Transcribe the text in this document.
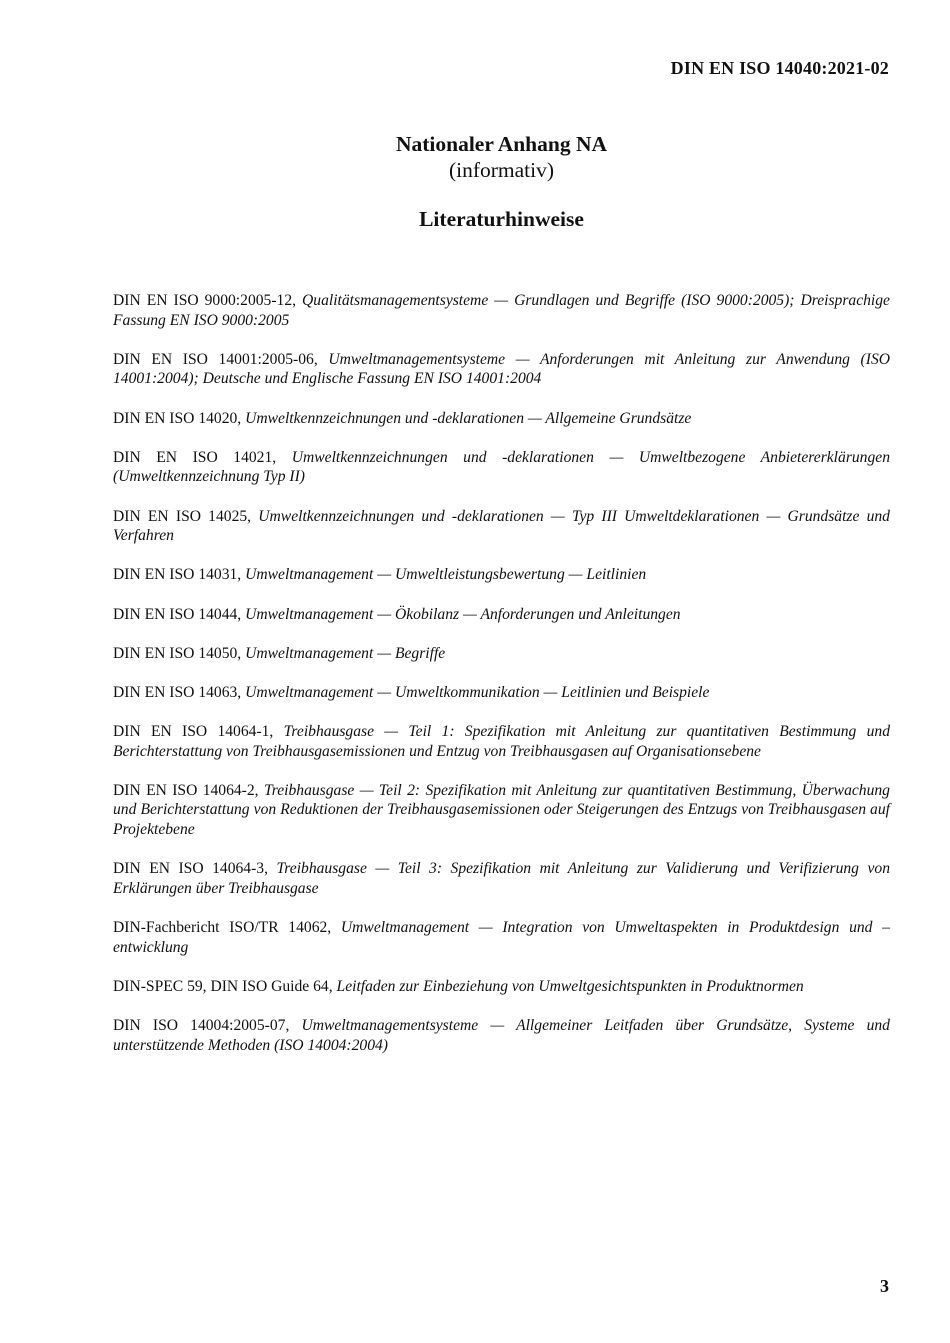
DIN EN ISO 14040:2021-02
Nationaler Anhang NA
(informativ)
Literaturhinweise

DIN EN ISO 9000:2005-12, Qualitätsmanagementsysteme — Grundlagen und Begriffe (ISO 9000:2005); Dreisprachige Fassung EN ISO 9000:2005

DIN EN ISO 14001:2005-06, Umweltmanagementsysteme — Anforderungen mit Anleitung zur Anwendung (ISO 14001:2004); Deutsche und Englische Fassung EN ISO 14001:2004

DIN EN ISO 14020, Umweltkennzeichnungen und -deklarationen — Allgemeine Grundsätze

DIN EN ISO 14021, Umweltkennzeichnungen und -deklarationen — Umweltbezogene Anbietererklärungen (Umweltkennzeichnung Typ II)

DIN EN ISO 14025, Umweltkennzeichnungen und -deklarationen — Typ III Umweltdeklarationen — Grundsätze und Verfahren

DIN EN ISO 14031, Umweltmanagement — Umweltleistungsbewertung — Leitlinien

DIN EN ISO 14044, Umweltmanagement — Ökobilanz — Anforderungen und Anleitungen

DIN EN ISO 14050, Umweltmanagement — Begriffe

DIN EN ISO 14063, Umweltmanagement — Umweltkommunikation — Leitlinien und Beispiele

DIN EN ISO 14064-1, Treibhausgase — Teil 1: Spezifikation mit Anleitung zur quantitativen Bestimmung und Berichterstattung von Treibhausgasemissionen und Entzug von Treibhausgasen auf Organisationsebene

DIN EN ISO 14064-2, Treibhausgase — Teil 2: Spezifikation mit Anleitung zur quantitativen Bestimmung, Überwachung und Berichterstattung von Reduktionen der Treibhausgasemissionen oder Steigerungen des Entzugs von Treibhausgasen auf Projektebene

DIN EN ISO 14064-3, Treibhausgase — Teil 3: Spezifikation mit Anleitung zur Validierung und Verifizierung von Erklärungen über Treibhausgase

DIN-Fachbericht ISO/TR 14062, Umweltmanagement — Integration von Umweltaspekten in Produktdesign und –entwicklung

DIN-SPEC 59, DIN ISO Guide 64, Leitfaden zur Einbeziehung von Umweltgesichtspunkten in Produktnormen

DIN ISO 14004:2005-07, Umweltmanagementsysteme — Allgemeiner Leitfaden über Grundsätze, Systeme und unterstützende Methoden (ISO 14004:2004)

3
